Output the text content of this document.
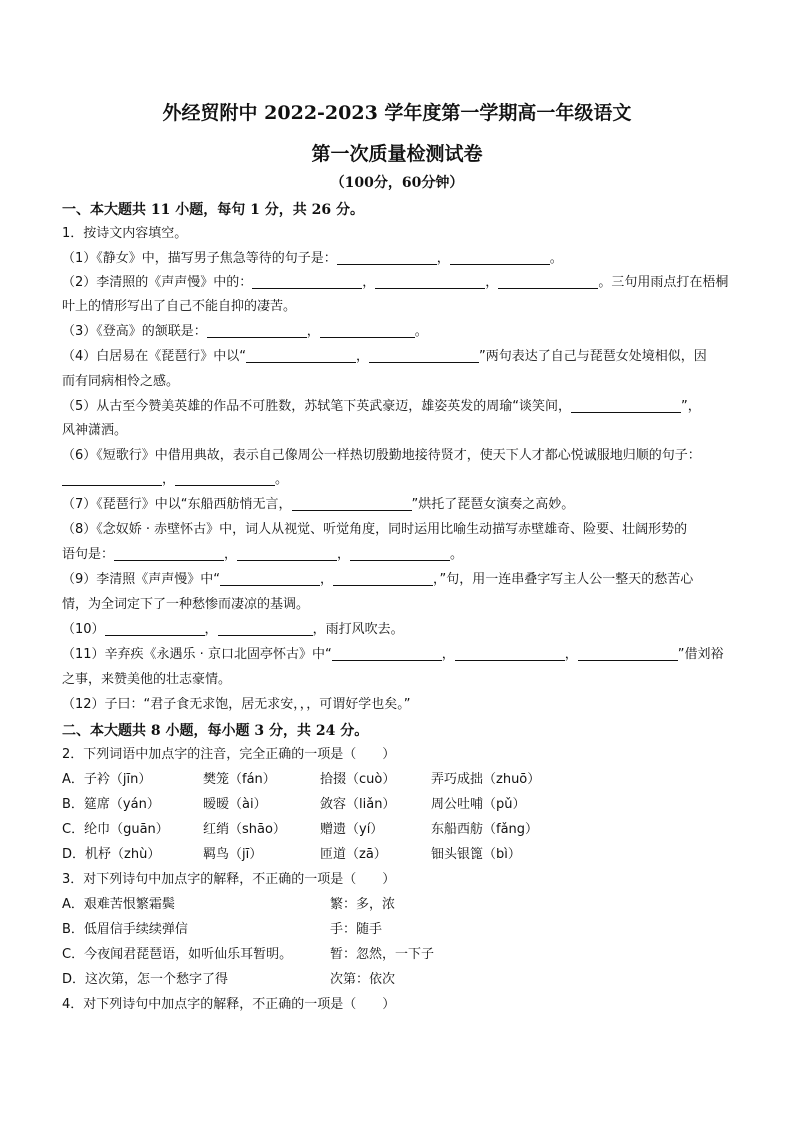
外经贸附中 2022-2023 学年度第一学期高一年级语文
第一次质量检测试卷
（100分，60分钟）
一、本大题共 11 小题，每句 1 分，共 26 分。
1．按诗文内容填空。
（1）《静女》中，描写男子焦急等待的句子是：	，	。
（2）李清照的《声声慢》中的：	，	，	。三句用雨点打在梧桐
叶上的情形写出了自己不能自抑的凄苦。
（3）《登高》的颔联是：	，	。
（4）白居易在《琵琶行》中以“	，	”两句表达了自己与琵琶女处境相似，因
而有同病相怜之感。
（5）从古至今赞美英雄的作品不可胜数，苏轼笔下英武豪迈，雄姿英发的周瑜“谈笑间，	”，
风神潇洒。
（6）《短歌行》中借用典故，表示自己像周公一样热切殷勤地接待贤才，使天下人才都心悦诚服地归顺的句子：
，	。
（7）《琵琶行》中以“东船西舫悄无言，	”烘托了琵琶女演奏之高妙。
（8）《念奴娇 · 赤壁怀古》中，词人从视觉、听觉角度，同时运用比喻生动描写赤壁雄奇、险要、壮阔形势的
语句是：	，	，	。
（9）李清照《声声慢》中“	，	，”句，用一连串叠字写主人公一整天的愁苦心
情，为全词定下了一种愁惨而凄凉的基调。
（10）	，	，雨打风吹去。
（11）辛弃疾《永遇乐 · 京口北固亭怀古》中“	，	，	”借刘裕
之事，来赞美他的壮志豪情。
（12）子曰：“君子食无求饱，居无求安，，，可谓好学也矣。”
二、本大题共 8 小题，每小题 3 分，共 24 分。
2．下列词语中加点字的注音，完全正确的一项是（　　）
A．子衿（jīn）	樊笼（fán）	拾掇（cuò）	弄巧成拙（zhuō）
B．筵席（yán）	暧暧（ài）	敛容（liǎn）	周公吐哺（pǔ）
C．纶巾（guān）	红绡（shāo）	赠遗（yí）	东船西舫（fǎng）
D．机杼（zhù）	羁鸟（jī）	匝道（zā）	钿头银篦（bì）
3．对下列诗句中加点字的解释，不正确的一项是（　　）
A．艰难苦恨繁霜鬓	繁：多，浓
B．低眉信手续续弹信	手：随手
C．今夜闻君琵琶语，如听仙乐耳暂明。	暂：忽然，一下子
D．这次第，怎一个愁字了得	次第：依次
4．对下列诗句中加点字的解释，不正确的一项是（　　）
